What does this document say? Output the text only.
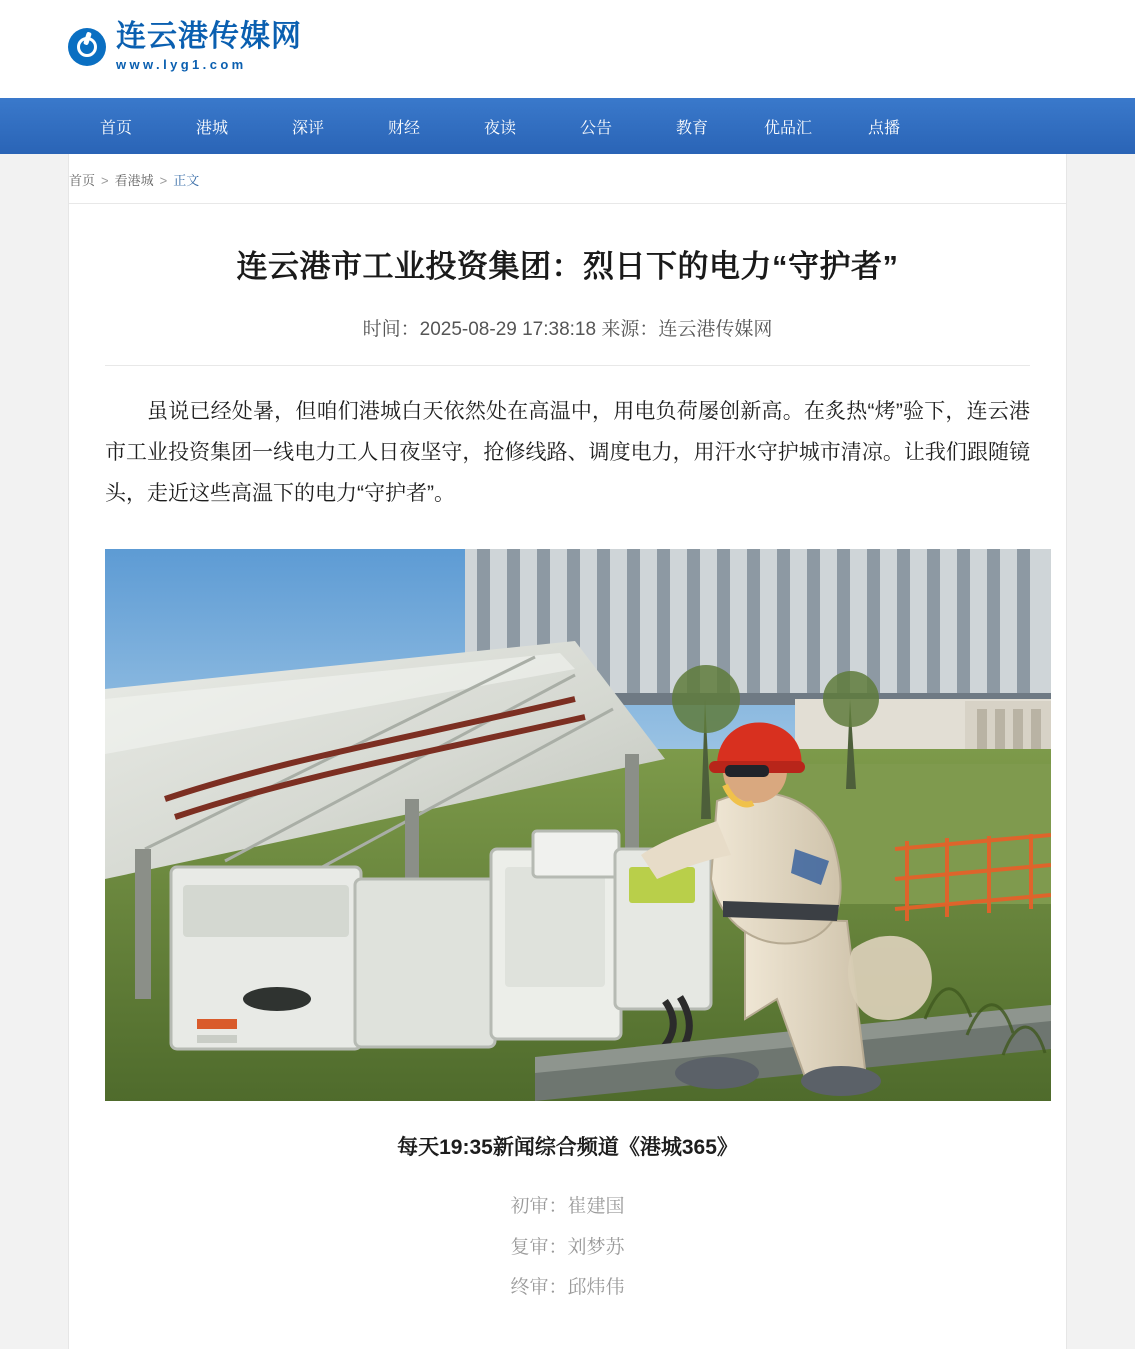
连云港传媒网
www.lyg1.com
首页	港城	深评	财经	夜读	公告	教育	优品汇	点播
首页 > 看港城 > 正文
连云港市工业投资集团：烈日下的电力“守护者”
时间：2025-08-29 17:38:18 来源：连云港传媒网

虽说已经处暑，但咱们港城白天依然处在高温中，用电负荷屡创新高。在炙热“烤”验下，连云港市工业投资集团一线电力工人日夜坚守，抢修线路、调度电力，用汗水守护城市清凉。让我们跟随镜头，走近这些高温下的电力“守护者”。

每天19:35新闻综合频道《港城365》
初审：崔建国
复审：刘梦苏
终审：邱炜伟
